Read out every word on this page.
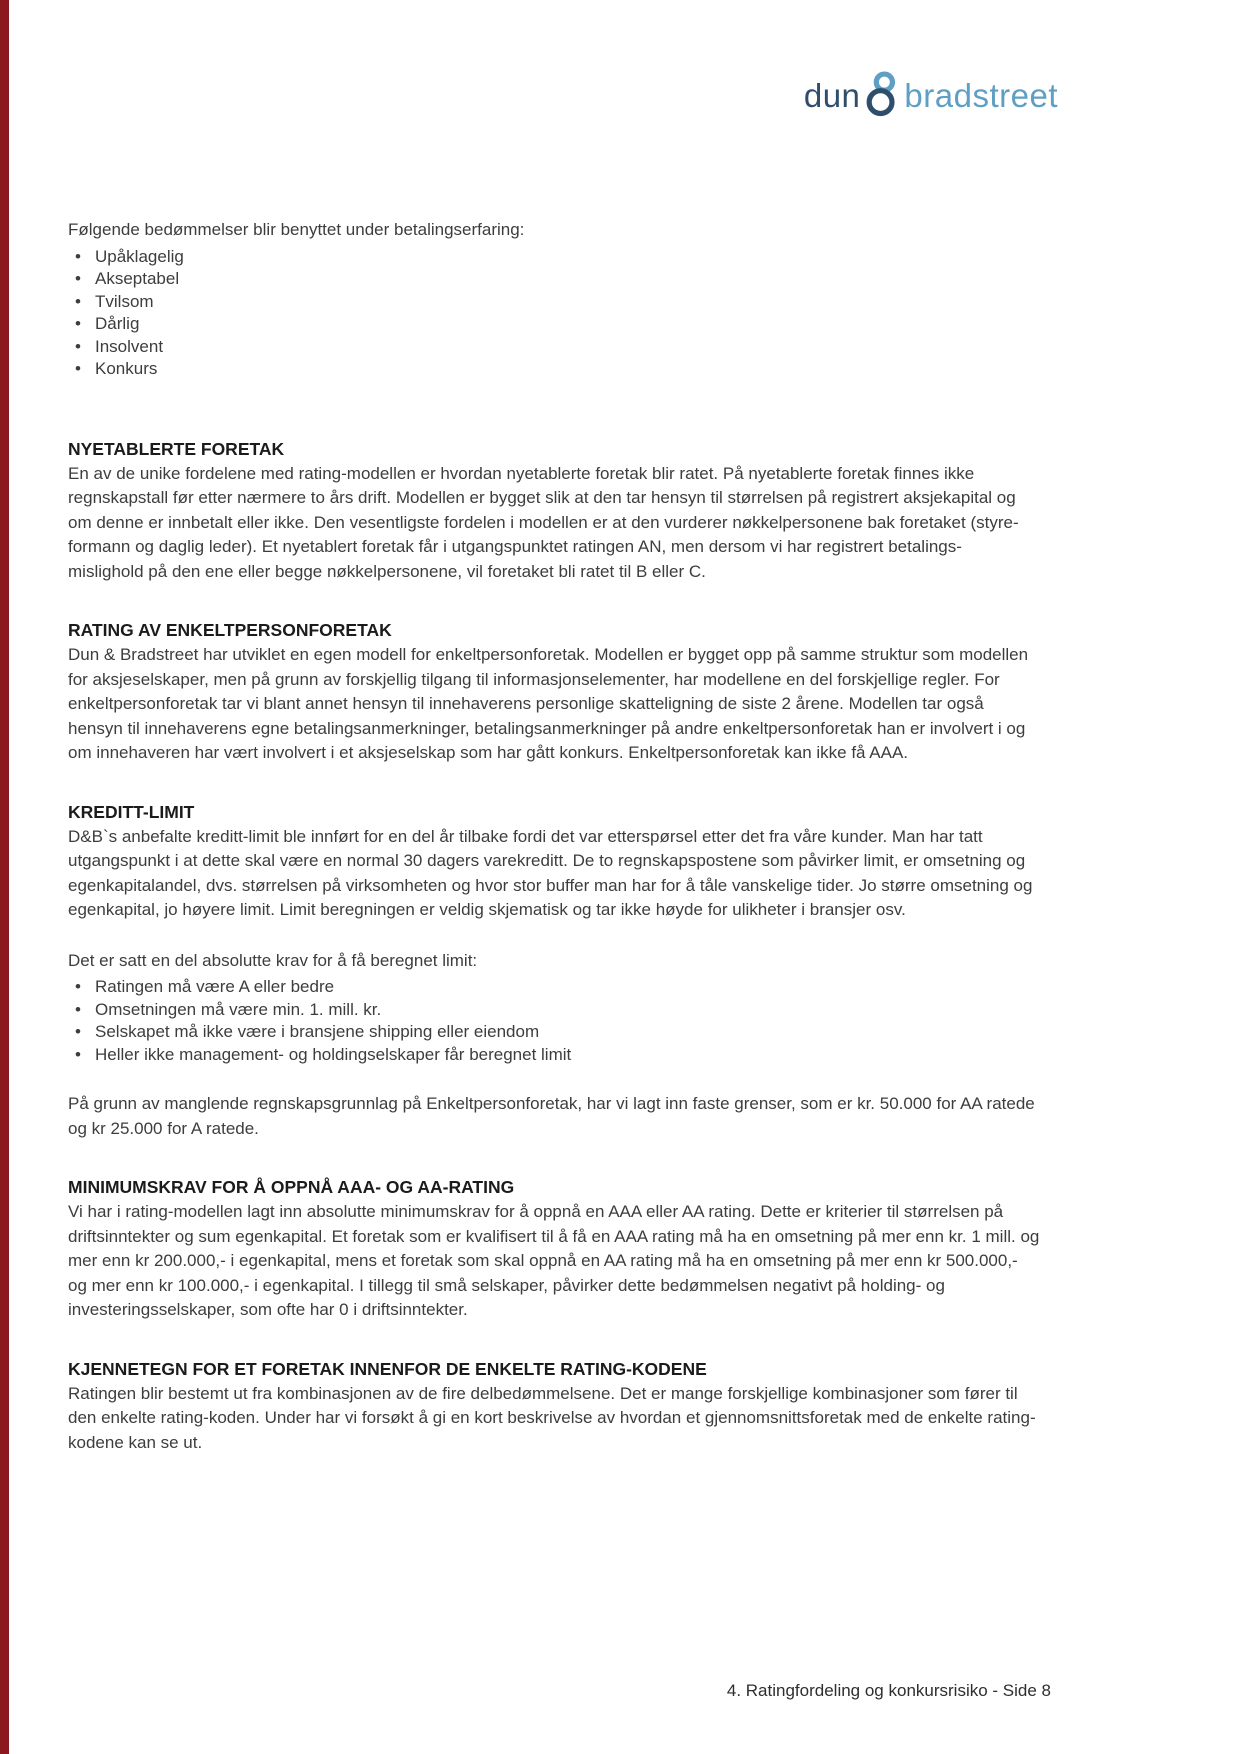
dun bradstreet

Følgende bedømmelser blir benyttet under betalingserfaring:

• Upåklagelig
• Akseptabel
• Tvilsom
• Dårlig
• Insolvent
• Konkurs
NYETABLERTE FORETAK

En av de unike fordelene med rating-modellen er hvordan nyetablerte foretak blir ratet. På nyetablerte foretak finnes ikke regnskapstall før etter nærmere to års drift. Modellen er bygget slik at den tar hensyn til størrelsen på registrert aksjekapital og om denne er innbetalt eller ikke. Den vesentligste fordelen i modellen er at den vurderer nøkkelpersonene bak foretaket (styre- formann og daglig leder). Et nyetablert foretak får i utgangspunktet ratingen AN, men dersom vi har registrert betalings- mislighold på den ene eller begge nøkkelpersonene, vil foretaket bli ratet til B eller C.

RATING AV ENKELTPERSONFORETAK

Dun & Bradstreet har utviklet en egen modell for enkeltpersonforetak. Modellen er bygget opp på samme struktur som modellen for aksjeselskaper, men på grunn av forskjellig tilgang til informasjonselementer, har modellene en del forskjellige regler. For enkeltpersonforetak tar vi blant annet hensyn til innehaverens personlige skatteligning de siste 2 årene. Modellen tar også hensyn til innehaverens egne betalingsanmerkninger, betalingsanmerkninger på andre enkeltpersonforetak han er involvert i og om innehaveren har vært involvert i et aksjeselskap som har gått konkurs. Enkeltpersonforetak kan ikke få AAA.

KREDITT-LIMIT

D&B`s anbefalte kreditt-limit ble innført for en del år tilbake fordi det var etterspørsel etter det fra våre kunder. Man har tatt utgangspunkt i at dette skal være en normal 30 dagers varekreditt. De to regnskapspostene som påvirker limit, er omsetning og egenkapitalandel, dvs. størrelsen på virksomheten og hvor stor buffer man har for å tåle vanskelige tider. Jo større omsetning og egenkapital, jo høyere limit. Limit beregningen er veldig skjematisk og tar ikke høyde for ulikheter i bransjer osv.

Det er satt en del absolutte krav for å få beregnet limit:

• Ratingen må være A eller bedre
• Omsetningen må være min. 1. mill. kr.
• Selskapet må ikke være i bransjene shipping eller eiendom
• Heller ikke management- og holdingselskaper får beregnet limit

På grunn av manglende regnskapsgrunnlag på Enkeltpersonforetak, har vi lagt inn faste grenser, som er kr. 50.000 for AA ratede og kr 25.000 for A ratede.

MINIMUMSKRAV FOR Å OPPNÅ AAA- OG AA-RATING

Vi har i rating-modellen lagt inn absolutte minimumskrav for å oppnå en AAA eller AA rating. Dette er kriterier til størrelsen på driftsinntekter og sum egenkapital. Et foretak som er kvalifisert til å få en AAA rating må ha en omsetning på mer enn kr. 1 mill. og mer enn kr 200.000,- i egenkapital, mens et foretak som skal oppnå en AA rating må ha en omsetning på mer enn kr 500.000,- og mer enn kr 100.000,- i egenkapital. I tillegg til små selskaper, påvirker dette bedømmelsen negativt på holding- og investeringsselskaper, som ofte har 0 i driftsinntekter.

KJENNETEGN FOR ET FORETAK INNENFOR DE ENKELTE RATING-KODENE

Ratingen blir bestemt ut fra kombinasjonen av de fire delbedømmelsene. Det er mange forskjellige kombinasjoner som fører til den enkelte rating-koden. Under har vi forsøkt å gi en kort beskrivelse av hvordan et gjennomsnittsforetak med de enkelte rating-kodene kan se ut.

4. Ratingfordeling og konkursrisiko - Side 8
